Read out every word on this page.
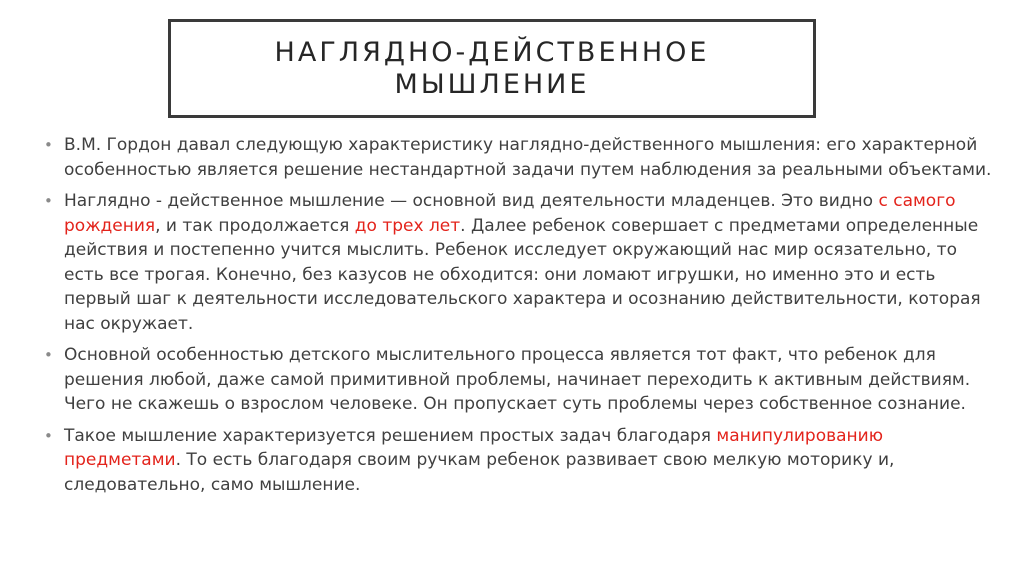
НАГЛЯДНО-ДЕЙСТВЕННОЕ
МЫШЛЕНИЕ
• В.М. Гордон давал следующую характеристику наглядно-действенного мышления: его характерной особенностью является решение нестандартной задачи путем наблюдения за реальными объектами.
• Наглядно - действенное мышление — основной вид деятельности младенцев. Это видно с самого рождения, и так продолжается до трех лет. Далее ребенок совершает с предметами определенные действия и постепенно учится мыслить. Ребенок исследует окружающий нас мир осязательно, то есть все трогая. Конечно, без казусов не обходится: они ломают игрушки, но именно это и есть первый шаг к деятельности исследовательского характера и осознанию действительности, которая нас окружает.
• Основной особенностью детского мыслительного процесса является тот факт, что ребенок для решения любой, даже самой примитивной проблемы, начинает переходить к активным действиям. Чего не скажешь о взрослом человеке. Он пропускает суть проблемы через собственное сознание.
• Такое мышление характеризуется решением простых задач благодаря манипулированию предметами. То есть благодаря своим ручкам ребенок развивает свою мелкую моторику и, следовательно, само мышление.
